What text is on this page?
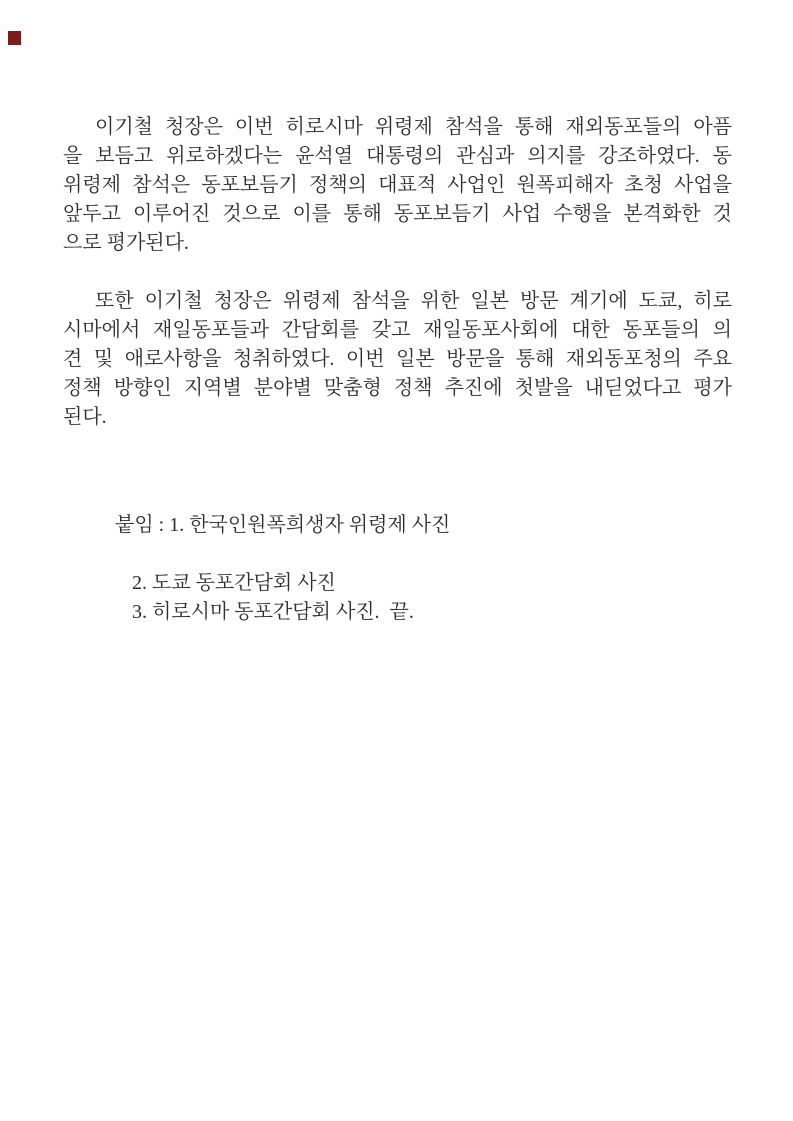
이기철 청장은 이번 히로시마 위령제 참석을 통해 재외동포들의 아픔
을 보듬고 위로하겠다는 윤석열 대통령의 관심과 의지를 강조하였다. 동
위령제 참석은 동포보듬기 정책의 대표적 사업인 원폭피해자 초청 사업을
앞두고 이루어진 것으로 이를 통해 동포보듬기 사업 수행을 본격화한 것
으로 평가된다.
또한 이기철 청장은 위령제 참석을 위한 일본 방문 계기에 도쿄, 히로
시마에서 재일동포들과 간담회를 갖고 재일동포사회에 대한 동포들의 의
견 및 애로사항을 청취하였다. 이번 일본 방문을 통해 재외동포청의 주요
정책 방향인 지역별 분야별 맞춤형 정책 추진에 첫발을 내딛었다고 평가
된다.

붙임 : 1. 한국인원폭희생자 위령제 사진

2. 도쿄 동포간담회 사진
3. 히로시마 동포간담회 사진.  끝.
